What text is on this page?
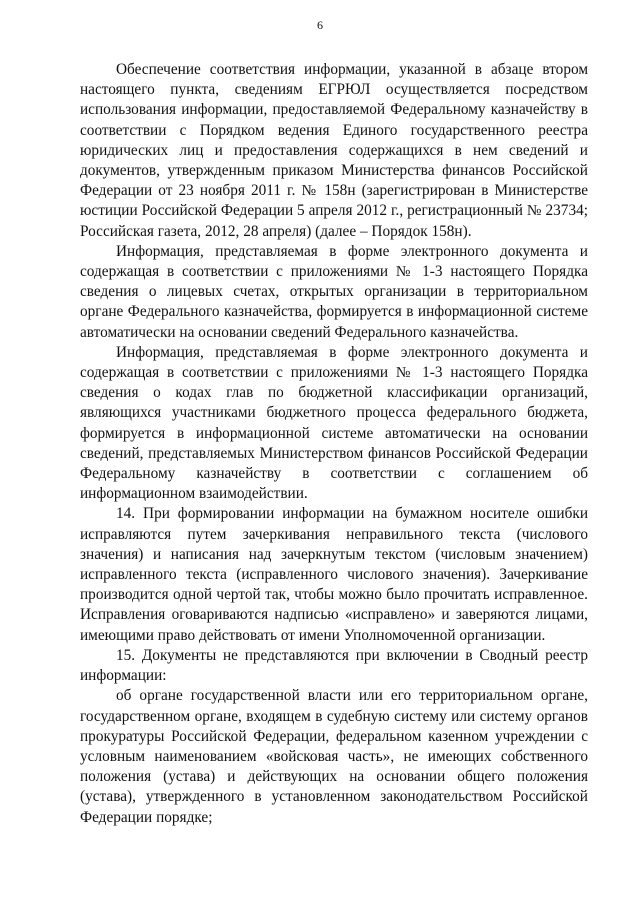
6

Обеспечение соответствия информации, указанной в абзаце втором настоящего пункта, сведениям ЕГРЮЛ осуществляется посредством использования информации, предоставляемой Федеральному казначейству в соответствии с Порядком ведения Единого государственного реестра юридических лиц и предоставления содержащихся в нем сведений и документов, утвержденным приказом Министерства финансов Российской Федерации от 23 ноября 2011 г. № 158н (зарегистрирован в Министерстве юстиции Российской Федерации 5 апреля 2012 г., регистрационный № 23734; Российская газета, 2012, 28 апреля) (далее – Порядок 158н).

Информация, представляемая в форме электронного документа и содержащая в соответствии с приложениями № 1-3 настоящего Порядка сведения о лицевых счетах, открытых организации в территориальном органе Федерального казначейства, формируется в информационной системе автоматически на основании сведений Федерального казначейства.

Информация, представляемая в форме электронного документа и содержащая в соответствии с приложениями № 1-3 настоящего Порядка сведения о кодах глав по бюджетной классификации организаций, являющихся участниками бюджетного процесса федерального бюджета, формируется в информационной системе автоматически на основании сведений, представляемых Министерством финансов Российской Федерации Федеральному казначейству в соответствии с соглашением об информационном взаимодействии.

14. При формировании информации на бумажном носителе ошибки исправляются путем зачеркивания неправильного текста (числового значения) и написания над зачеркнутым текстом (числовым значением) исправленного текста (исправленного числового значения). Зачеркивание производится одной чертой так, чтобы можно было прочитать исправленное. Исправления оговариваются надписью «исправлено» и заверяются лицами, имеющими право действовать от имени Уполномоченной организации.

15. Документы не представляются при включении в Сводный реестр информации:

об органе государственной власти или его территориальном органе, государственном органе, входящем в судебную систему или систему органов прокуратуры Российской Федерации, федеральном казенном учреждении с условным наименованием «войсковая часть», не имеющих собственного положения (устава) и действующих на основании общего положения (устава), утвержденного в установленном законодательством Российской Федерации порядке;
